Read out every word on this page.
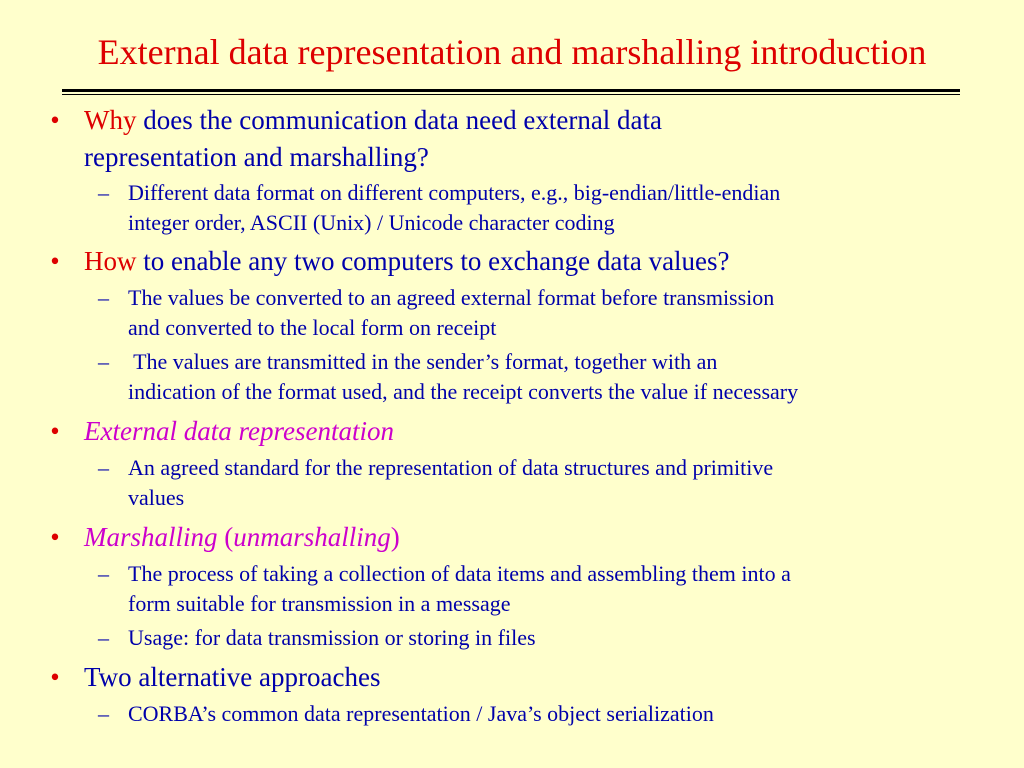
External data representation and marshalling introduction
• Why does the communication data need external data
representation and marshalling?
– Different data format on different computers, e.g., big-endian/little-endian
integer order, ASCII (Unix) / Unicode character coding
• How to enable any two computers to exchange data values?
– The values be converted to an agreed external format before transmission
and converted to the local form on receipt
– The values are transmitted in the sender’s format, together with an
indication of the format used, and the receipt converts the value if necessary
• External data representation
– An agreed standard for the representation of data structures and primitive
values
• Marshalling (unmarshalling)
– The process of taking a collection of data items and assembling them into a
form suitable for transmission in a message
– Usage: for data transmission or storing in files
• Two alternative approaches
– CORBA’s common data representation / Java’s object serialization
